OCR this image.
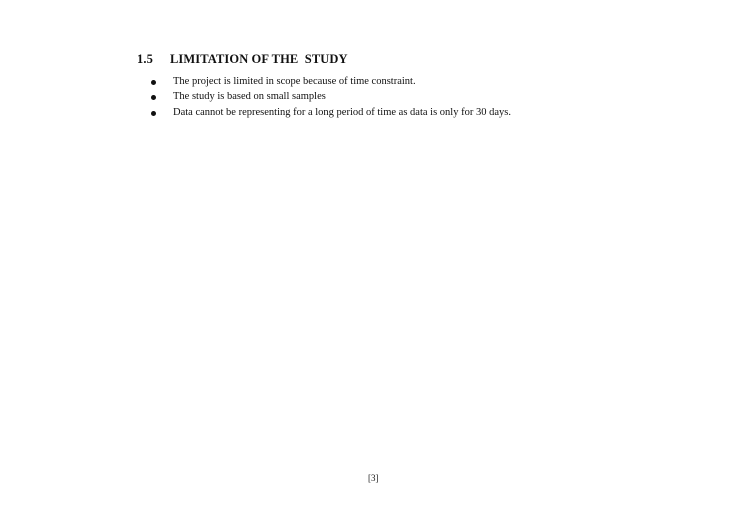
1.5 LIMITATION OF THE  STUDY
The project is limited in scope because of time constraint.
The study is based on small samples
Data cannot be representing for a long period of time as data is only for 30 days.
[3]
